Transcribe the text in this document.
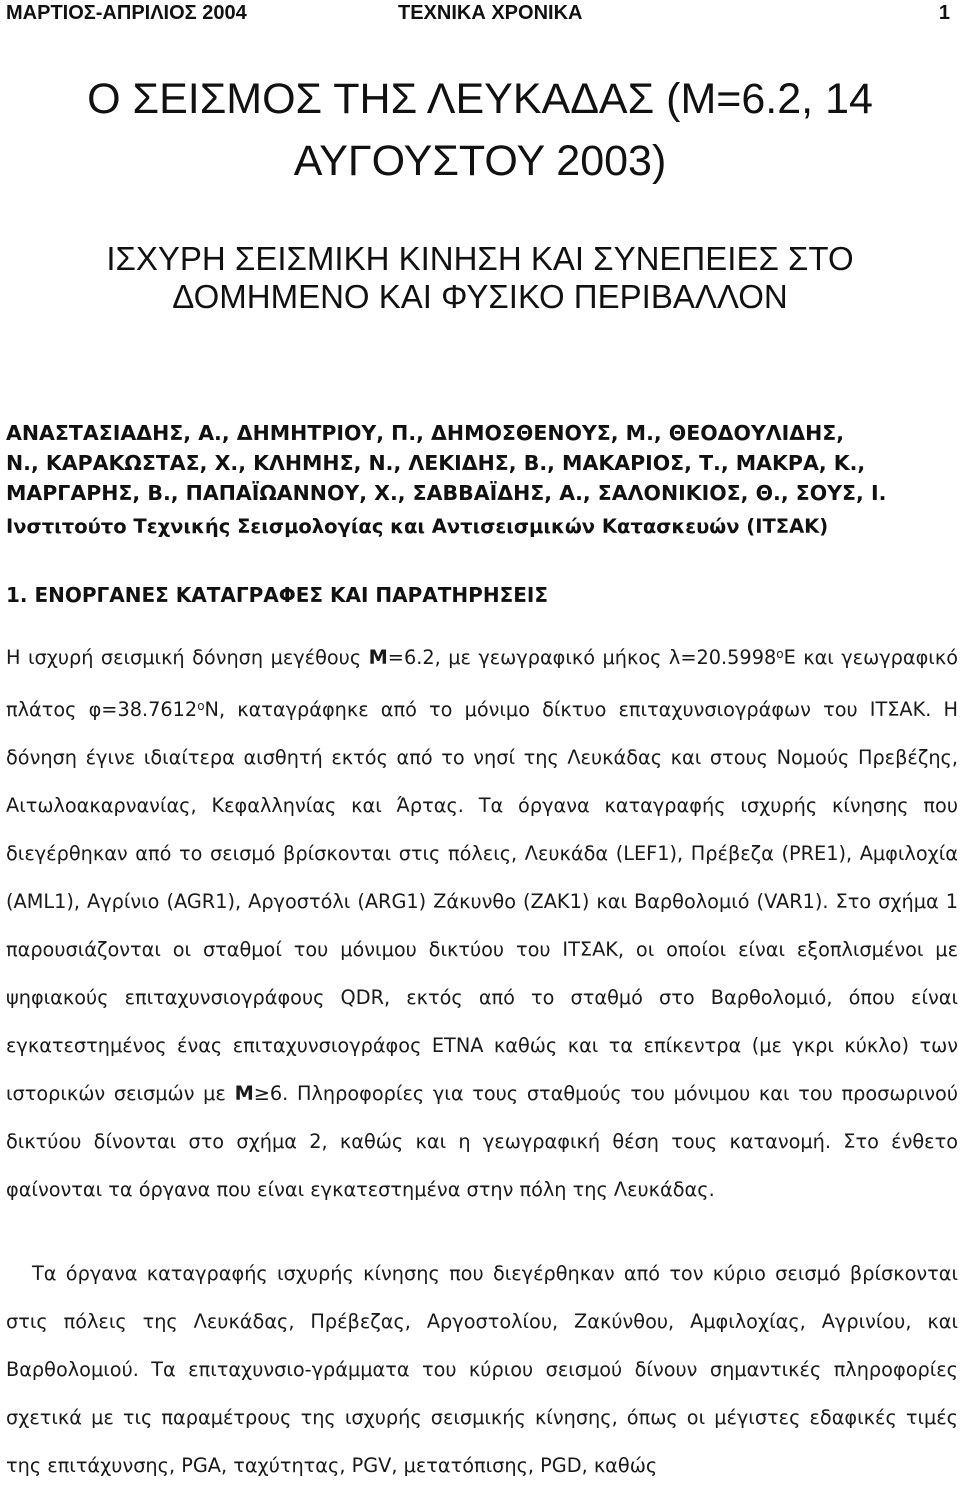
ΜΑΡΤΙΟΣ-ΑΠΡΙΛΙΟΣ 2004	ΤΕΧΝΙΚΑ ΧΡΟΝΙΚΑ	1
Ο ΣΕΙΣΜΟΣ ΤΗΣ ΛΕΥΚΑΔΑΣ (Μ=6.2, 14
ΑΥΓΟΥΣΤΟΥ 2003)
ΙΣΧΥΡΗ ΣΕΙΣΜΙΚΗ ΚΙΝΗΣΗ ΚΑΙ ΣΥΝΕΠΕΙΕΣ ΣΤΟ
ΔΟΜΗΜΕΝΟ ΚΑΙ ΦΥΣΙΚΟ ΠΕΡΙΒΑΛΛΟΝ
ΑΝΑΣΤΑΣΙΑΔΗΣ, Α., ΔΗΜΗΤΡΙΟΥ, Π., ΔΗΜΟΣΘΕΝΟΥΣ, Μ., ΘΕΟΔΟΥΛΙΔΗΣ,
Ν., ΚΑΡΑΚΩΣΤΑΣ, Χ., ΚΛΗΜΗΣ, Ν., ΛΕΚΙΔΗΣ, Β., ΜΑΚΑΡΙΟΣ, Τ., ΜΑΚΡΑ, Κ.,
ΜΑΡΓΑΡΗΣ, Β., ΠΑΠΑΪΩΑΝΝΟΥ, Χ., ΣΑΒΒΑΪΔΗΣ, Α., ΣΑΛΟΝΙΚΙΟΣ, Θ., ΣΟΥΣ, Ι.
Ινστιτούτο Τεχνικής Σεισμολογίας και Αντισεισμικών Κατασκευών (ΙΤΣΑΚ)
1. ΕΝΟΡΓΑΝΕΣ ΚΑΤΑΓΡΑΦΕΣ ΚΑΙ ΠΑΡΑΤΗΡΗΣΕΙΣ

Η ισχυρή σεισμική δόνηση μεγέθους Μ=6.2, με γεωγραφικό μήκος $\lambda=20.5998^oE$ και γεωγραφικό πλάτος $\varphi=38.7612^oN$, καταγράφηκε από το μόνιμο δίκτυο επιταχυνσιογράφων του ΙΤΣΑΚ. Η δόνηση έγινε ιδιαίτερα αισθητή εκτός από το νησί της Λευκάδας και στους Νομούς Πρεβέζης, Αιτωλοακαρνανίας, Κεφαλληνίας και Άρτας. Τα όργανα καταγραφής ισχυρής κίνησης που διεγέρθηκαν από το σεισμό βρίσκονται στις πόλεις, Λευκάδα (LEF1), Πρέβεζα (PRE1), Αμφιλοχία (AML1), Αγρίνιο (AGR1), Αργοστόλι (ARG1) Ζάκυνθο (ZAK1) και Βαρθολομιό (VAR1). Στο σχήμα 1 παρουσιάζονται οι σταθμοί του μόνιμου δικτύου του ΙΤΣΑΚ, οι οποίοι είναι εξοπλισμένοι με ψηφιακούς επιταχυνσιογράφους QDR, εκτός από το σταθμό στο Βαρθολομιό, όπου είναι εγκατεστημένος ένας επιταχυνσιογράφος ETNA καθώς και τα επίκεντρα (με γκρι κύκλο) των ιστορικών σεισμών με Μ≥6. Πληροφορίες για τους σταθμούς του μόνιμου και του προσωρινού δικτύου δίνονται στο σχήμα 2, καθώς και η γεωγραφική θέση τους κατανομή. Στο ένθετο φαίνονται τα όργανα που είναι εγκατεστημένα στην πόλη της Λευκάδας.

Τα όργανα καταγραφής ισχυρής κίνησης που διεγέρθηκαν από τον κύριο σεισμό βρίσκονται στις πόλεις της Λευκάδας, Πρέβεζας, Αργοστολίου, Ζακύνθου, Αμφιλοχίας, Αγρινίου, και Βαρθολομιού. Τα επιταχυνσιο-γράμματα του κύριου σεισμού δίνουν σημαντικές πληροφορίες σχετικά με τις παραμέτρους της ισχυρής σεισμικής κίνησης, όπως οι μέγιστες εδαφικές τιμές της επιτάχυνσης, PGA, ταχύτητας, PGV, μετατόπισης, PGD, καθώς
